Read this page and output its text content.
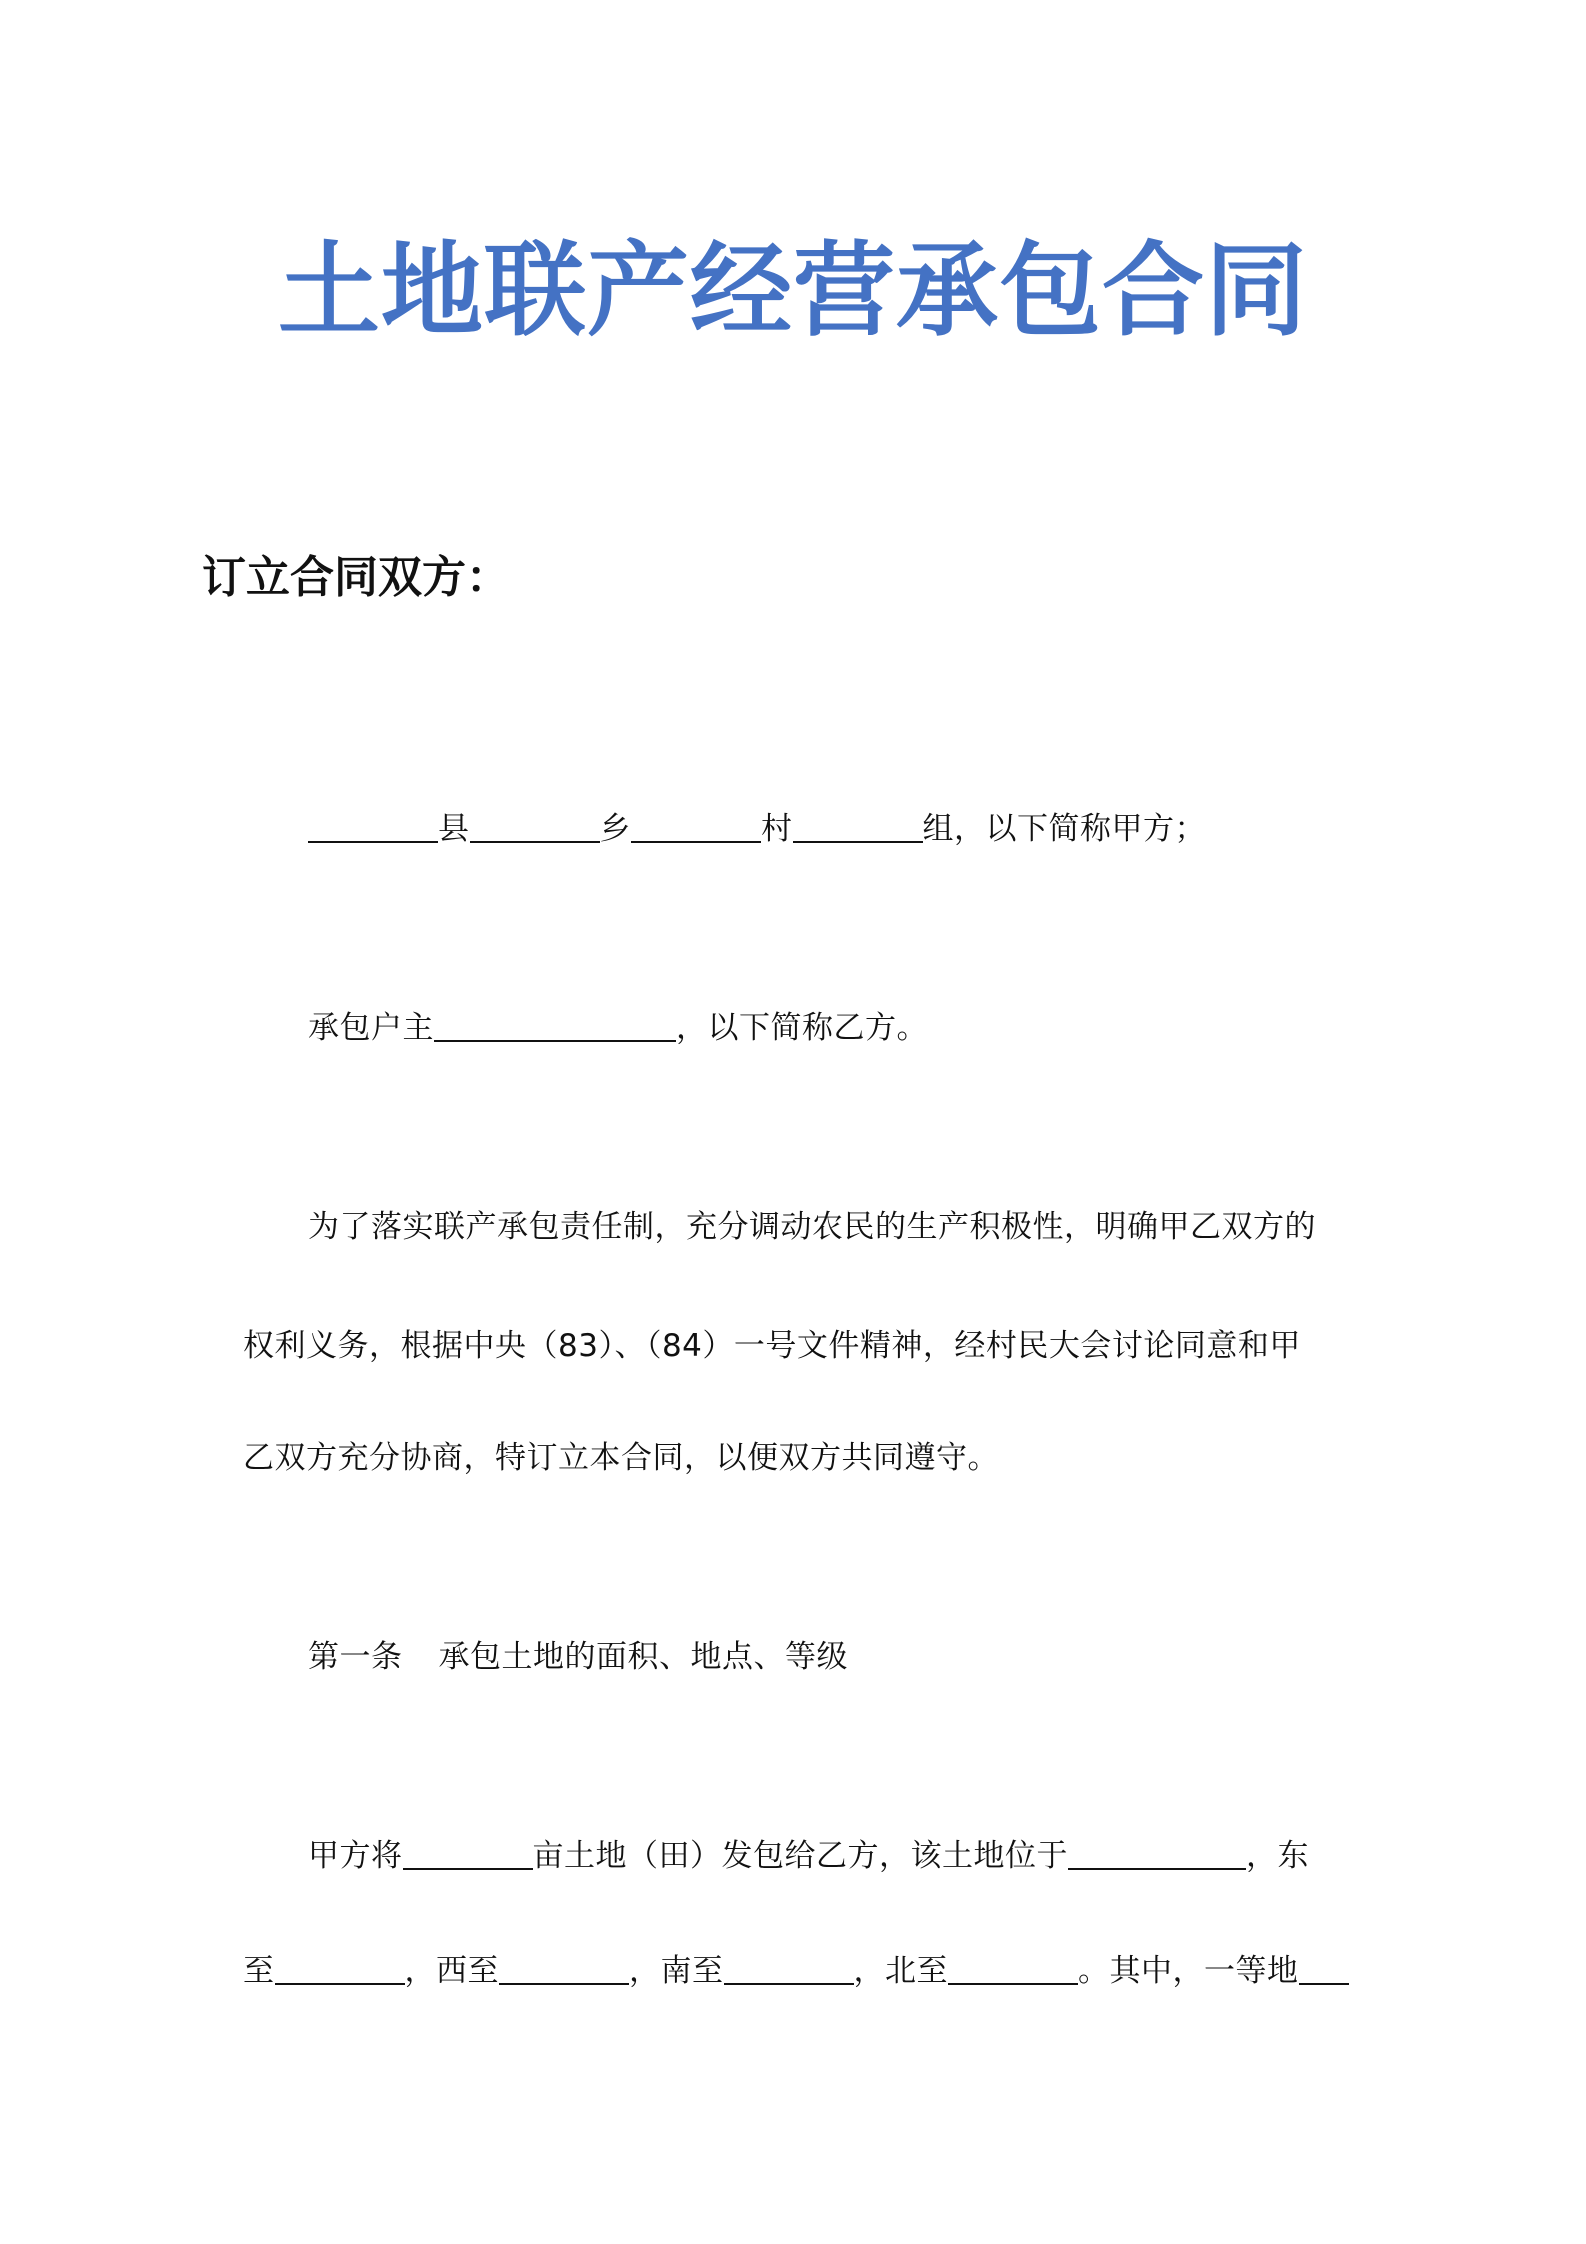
土地联产经营承包合同
订立合同双方：
县	乡	村	组，以下简称甲方；
承包户主	，以下简称乙方。
为了落实联产承包责任制，充分调动农民的生产积极性，明确甲乙双方的
权利义务，根据中央（83）、（84）一号文件精神，经村民大会讨论同意和甲
乙双方充分协商，特订立本合同，以便双方共同遵守。
第一条 承包土地的面积、地点、等级
甲方将	亩土地（田）发包给乙方，该土地位于	，东
至	，西至	，南至	，北至	。其中，一等地
